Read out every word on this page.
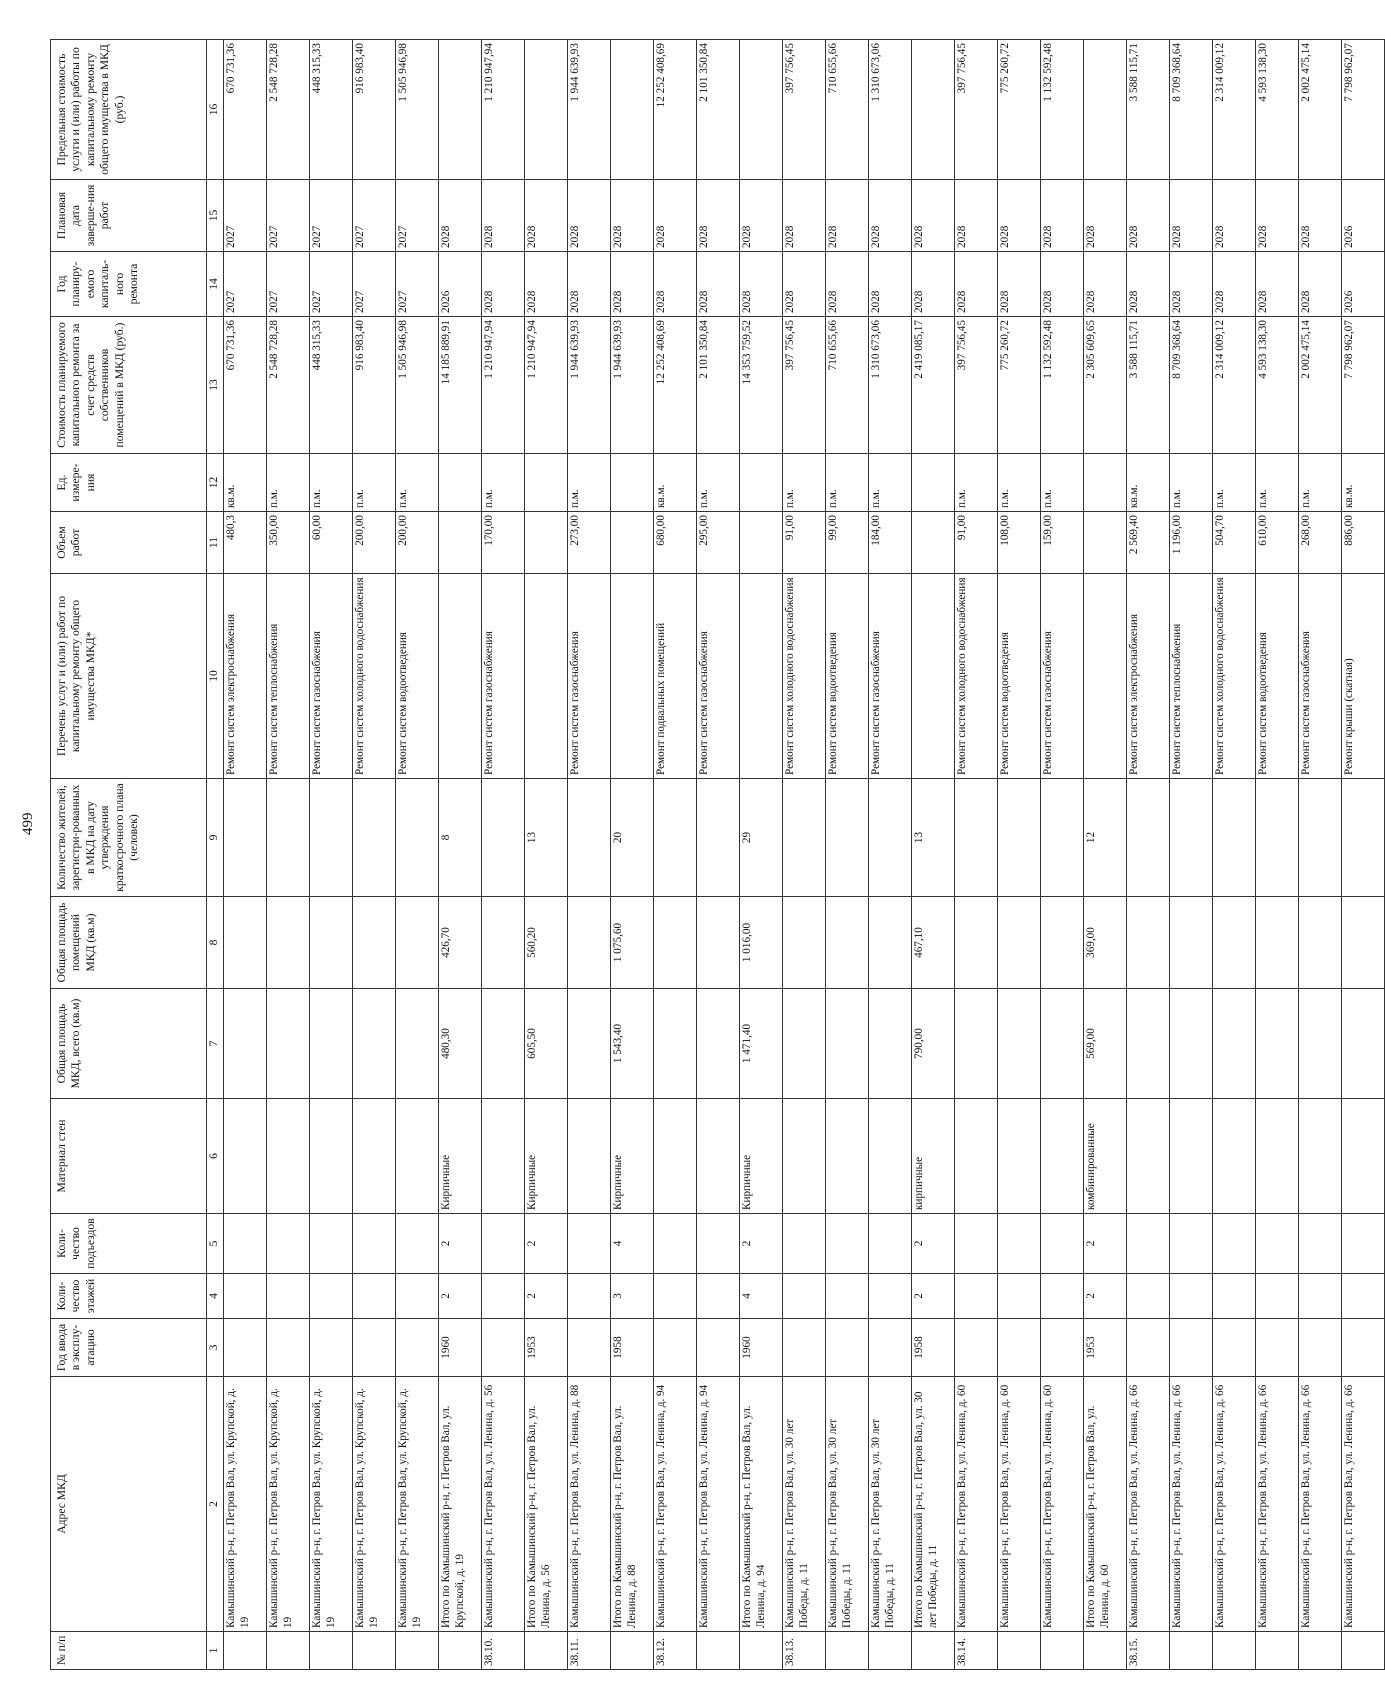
499
№ п/п	Адрес МКД	Год ввода в эксплу-атацию	Коли-чество этажей	Коли-чество подъездов	Материал стен	Общая площадь МКД, всего (кв.м)	Общая площадь помещений МКД (кв.м)	Количество жителей, зарегистри-рованных в МКД на дату утверждения краткосрочного плана (человек)	Перечень услуг и (или) работ по капитальному ремонту общего имущества МКД*	Объем работ	Ед. измере-ния	Стоимость планируемого капитального ремонта за счет средств собственников помещений в МКД (руб.)	Год планиру-емого капиталь-ного ремонта	Плановая дата заверше-ния работ	Предельная стоимость услуги и (или) работы по капитальному ремонту общего имущества в МКД (руб.)
1	2	3	4	5	6	7	8	9	10	11	12	13	14	15	16
	Камышинский р-н, г. Петров Вал, ул. Крупской, д. 19								Ремонт систем электроснабжения	480,3	кв.м.	670 731,36	2027	2027	670 731,36
	Камышинский р-н, г. Петров Вал, ул. Крупской, д. 19								Ремонт систем теплоснабжения	350,00	п.м.	2 548 728,28	2027	2027	2 548 728,28
	Камышинский р-н, г. Петров Вал, ул. Крупской, д. 19								Ремонт систем газоснабжения	60,00	п.м.	448 315,33	2027	2027	448 315,33
	Камышинский р-н, г. Петров Вал, ул. Крупской, д. 19								Ремонт систем холодного водоснабжения	200,00	п.м.	916 983,40	2027	2027	916 983,40
	Камышинский р-н, г. Петров Вал, ул. Крупской, д. 19								Ремонт систем водоотведения	200,00	п.м.	1 505 946,98	2027	2027	1 505 946,98
	Итого по Камышинский р-н, г. Петров Вал, ул. Крупской, д. 19	1960	2	2	Кирпичные	480,30	426,70	8				14 185 889,91	2026	2028	
38.10.	Камышинский р-н, г. Петров Вал, ул. Ленина, д. 56								Ремонт систем газоснабжения	170,00	п.м.	1 210 947,94	2028	2028	1 210 947,94
	Итого по Камышинский р-н, г. Петров Вал, ул. Ленина, д. 56	1953	2	2	Кирпичные	605,50	560,20	13				1 210 947,94	2028	2028	
38.11.	Камышинский р-н, г. Петров Вал, ул. Ленина, д. 88								Ремонт систем газоснабжения	273,00	п.м.	1 944 639,93	2028	2028	1 944 639,93
	Итого по Камышинский р-н, г. Петров Вал, ул. Ленина, д. 88	1958	3	4	Кирпичные	1 543,40	1 075,60	20				1 944 639,93	2028	2028	
38.12.	Камышинский р-н, г. Петров Вал, ул. Ленина, д. 94								Ремонт подвальных помещений	680,00	кв.м.	12 252 408,69	2028	2028	12 252 408,69
	Камышинский р-н, г. Петров Вал, ул. Ленина, д. 94								Ремонт систем газоснабжения	295,00	п.м.	2 101 350,84	2028	2028	2 101 350,84
	Итого по Камышинский р-н, г. Петров Вал, ул. Ленина, д. 94	1960	4	2	Кирпичные	1 471,40	1 016,00	29				14 353 759,52	2028	2028	
38.13.	Камышинский р-н, г. Петров Вал, ул. 30 лет Победы, д. 11								Ремонт систем холодного водоснабжения	91,00	п.м.	397 756,45	2028	2028	397 756,45
	Камышинский р-н, г. Петров Вал, ул. 30 лет Победы, д. 11								Ремонт систем водоотведения	99,00	п.м.	710 655,66	2028	2028	710 655,66
	Камышинский р-н, г. Петров Вал, ул. 30 лет Победы, д. 11								Ремонт систем газоснабжения	184,00	п.м.	1 310 673,06	2028	2028	1 310 673,06
	Итого по Камышинский р-н, г. Петров Вал, ул. 30 лет Победы, д. 11	1958	2	2	кирпичные	790,00	467,10	13				2 419 085,17	2028	2028	
38.14.	Камышинский р-н, г. Петров Вал, ул. Ленина, д. 60								Ремонт систем холодного водоснабжения	91,00	п.м.	397 756,45	2028	2028	397 756,45
	Камышинский р-н, г. Петров Вал, ул. Ленина, д. 60								Ремонт систем водоотведения	108,00	п.м.	775 260,72	2028	2028	775 260,72
	Камышинский р-н, г. Петров Вал, ул. Ленина, д. 60								Ремонт систем газоснабжения	159,00	п.м.	1 132 592,48	2028	2028	1 132 592,48
	Итого по Камышинский р-н, г. Петров Вал, ул. Ленина, д. 60	1953	2	2	комбинированные	569,00	369,00	12				2 305 609,65	2028	2028	
38.15.	Камышинский р-н, г. Петров Вал, ул. Ленина, д. 66								Ремонт систем электроснабжения	2 569,40	кв.м.	3 588 115,71	2028	2028	3 588 115,71
	Камышинский р-н, г. Петров Вал, ул. Ленина, д. 66								Ремонт систем теплоснабжения	1 196,00	п.м.	8 709 368,64	2028	2028	8 709 368,64
	Камышинский р-н, г. Петров Вал, ул. Ленина, д. 66								Ремонт систем холодного водоснабжения	504,70	п.м.	2 314 009,12	2028	2028	2 314 009,12
	Камышинский р-н, г. Петров Вал, ул. Ленина, д. 66								Ремонт систем водоотведения	610,00	п.м.	4 593 138,30	2028	2028	4 593 138,30
	Камышинский р-н, г. Петров Вал, ул. Ленина, д. 66								Ремонт систем газоснабжения	268,00	п.м.	2 002 475,14	2028	2028	2 002 475,14
	Камышинский р-н, г. Петров Вал, ул. Ленина, д. 66								Ремонт крыши (скатная)	886,00	кв.м.	7 798 962,07	2026	2026	7 798 962,07
